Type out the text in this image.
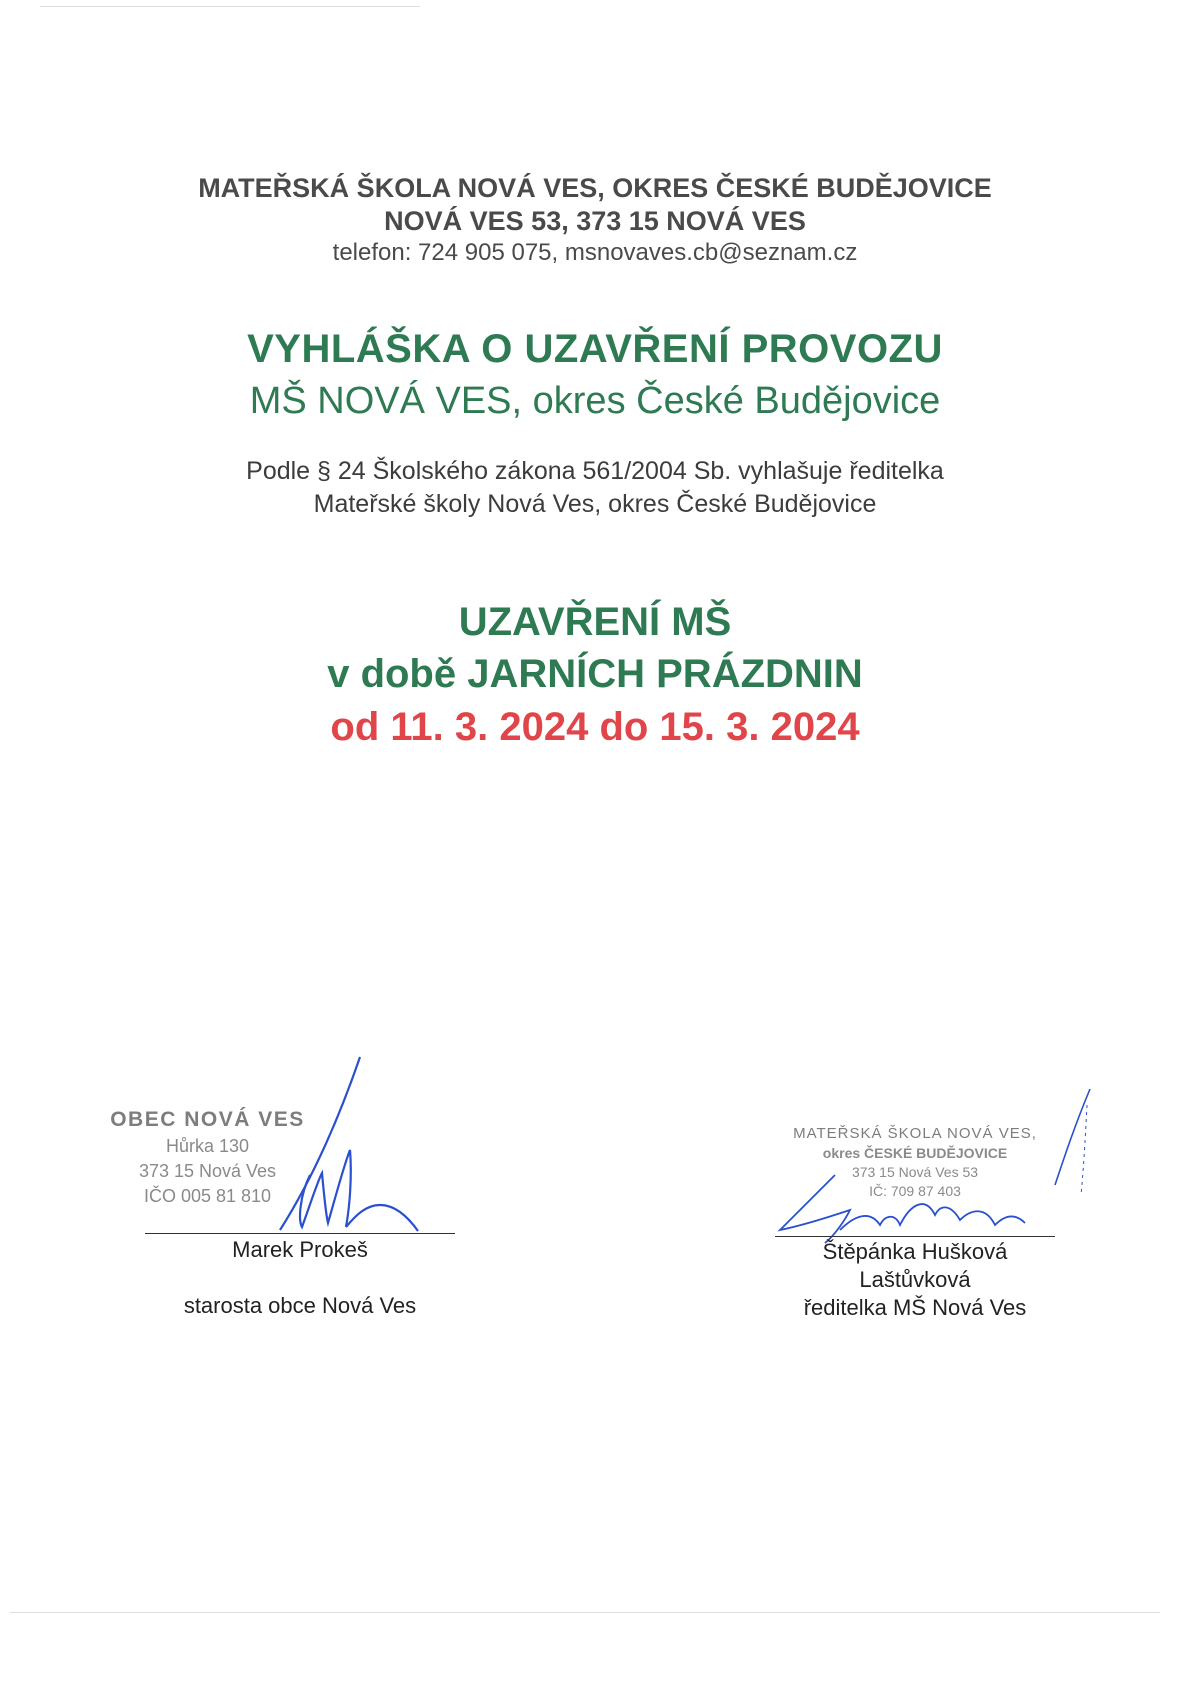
MATEŘSKÁ ŠKOLA NOVÁ VES, OKRES ČESKÉ BUDĚJOVICE
NOVÁ VES 53, 373 15 NOVÁ VES
telefon: 724 905 075, msnovaves.cb@seznam.cz
VYHLÁŠKA O UZAVŘENÍ PROVOZU
MŠ NOVÁ VES, okres České Budějovice
Podle § 24 Školského zákona 561/2004 Sb. vyhlašuje ředitelka
Mateřské školy Nová Ves, okres České Budějovice
UZAVŘENÍ MŠ
v době JARNÍCH PRÁZDNIN
od 11. 3. 2024 do 15. 3. 2024
OBEC NOVÁ VES
Hůrka 130
373 15 Nová Ves
IČO 005 81 810
Marek Prokeš
starosta obce Nová Ves
MATEŘSKÁ ŠKOLA NOVÁ VES,
okres ČESKÉ BUDĚJOVICE
373 15 Nová Ves 53
IČ: 709 87 403
Štěpánka Hušková
Laštůvková
ředitelka MŠ Nová Ves
